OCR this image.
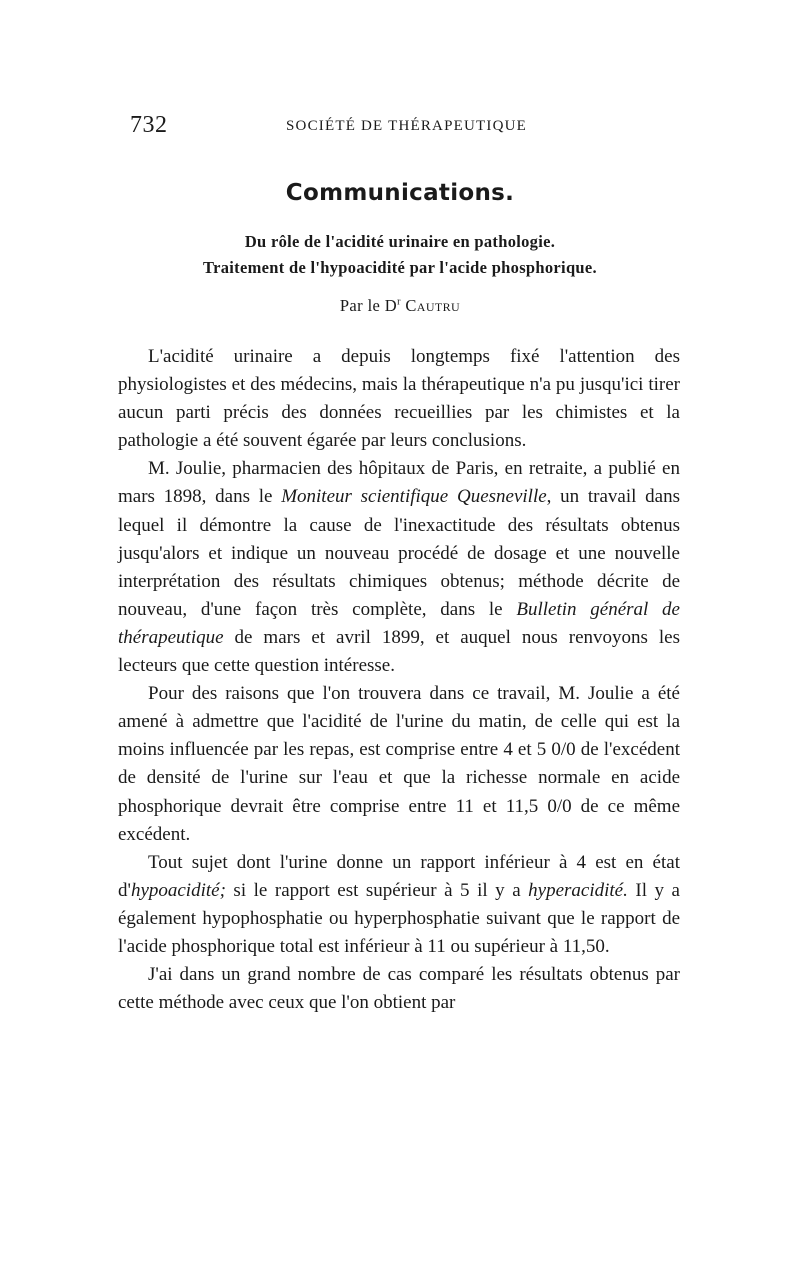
732	SOCIÉTÉ DE THÉRAPEUTIQUE
Communications.
Du rôle de l'acidité urinaire en pathologie.
Traitement de l'hypoacidité par l'acide phosphorique.
Par le $D^r$ Cautru

L'acidité urinaire a depuis longtemps fixé l'attention des physiologistes et des médecins, mais la thérapeutique n'a pu jusqu'ici tirer aucun parti précis des données recueillies par les chimistes et la pathologie a été souvent égarée par leurs conclusions.

M. Joulie, pharmacien des hôpitaux de Paris, en retraite, a publié en mars 1898, dans le Moniteur scientifique Quesneville, un travail dans lequel il démontre la cause de l'inexactitude des résultats obtenus jusqu'alors et indique un nouveau procédé de dosage et une nouvelle interprétation des résultats chimiques obtenus; méthode décrite de nouveau, d'une façon très complète, dans le Bulletin général de thérapeutique de mars et avril 1899, et auquel nous renvoyons les lecteurs que cette question intéresse.

Pour des raisons que l'on trouvera dans ce travail, M. Joulie a été amené à admettre que l'acidité de l'urine du matin, de celle qui est la moins influencée par les repas, est comprise entre 4 et 5 0/0 de l'excédent de densité de l'urine sur l'eau et que la richesse normale en acide phosphorique devrait être comprise entre 11 et 11,5 0/0 de ce même excédent.

Tout sujet dont l'urine donne un rapport inférieur à 4 est en état d'hypoacidité; si le rapport est supérieur à 5 il y a hyperacidité. Il y a également hypophosphatie ou hyperphosphatie suivant que le rapport de l'acide phosphorique total est inférieur à 11 ou supérieur à 11,50.

J'ai dans un grand nombre de cas comparé les résultats obtenus par cette méthode avec ceux que l'on obtient par
